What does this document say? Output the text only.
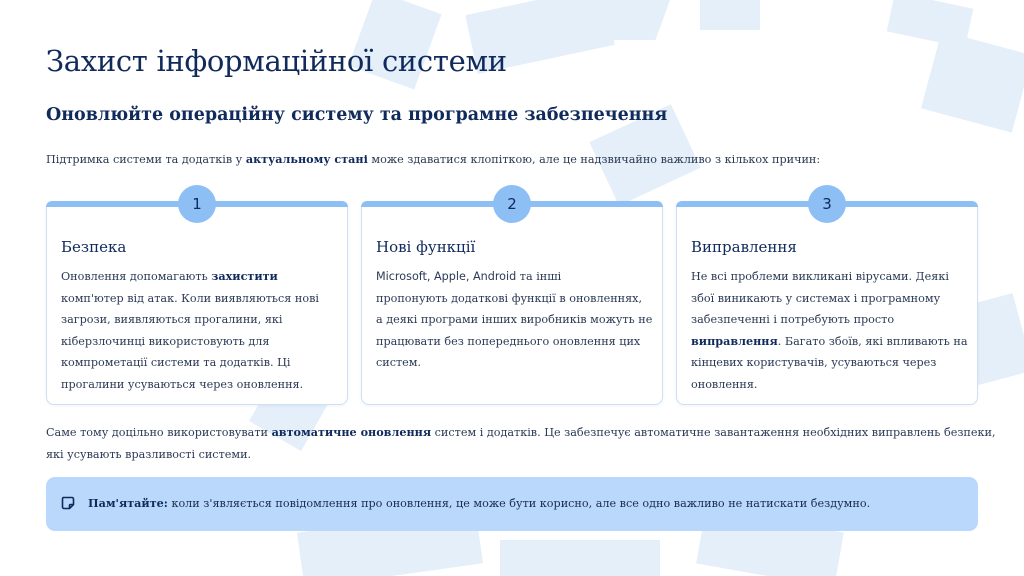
Захист інформаційної системи
Оновлюйте операційну систему та програмне забезпечення

Підтримка системи та додатків у актуальному стані може здаватися клопіткою, але це надзвичайно важливо з кількох причин:

1
Безпека
Оновлення допомагають захистити
комп'ютер від атак. Коли виявляються нові
загрози, виявляються прогалини, які
кіберзлочинці використовують для
компрометації системи та додатків. Ці
прогалини усуваються через оновлення.
2
Нові функції
Microsoft, Apple, Android та інші
пропонують додаткові функції в оновленнях,
а деякі програми інших виробників можуть не
працювати без попереднього оновлення цих
систем.
3
Виправлення
Не всі проблеми викликані вірусами. Деякі
збої виникають у системах і програмному
забезпеченні і потребують просто
виправлення. Багато збоїв, які впливають на
кінцевих користувачів, усуваються через
оновлення.
Саме тому доцільно використовувати автоматичне оновлення систем і додатків. Це забезпечує автоматичне завантаження необхідних виправлень безпеки,
які усувають вразливості системи.

Пам'ятайте: коли з'являється повідомлення про оновлення, це може бути корисно, але все одно важливо не натискати бездумно.
